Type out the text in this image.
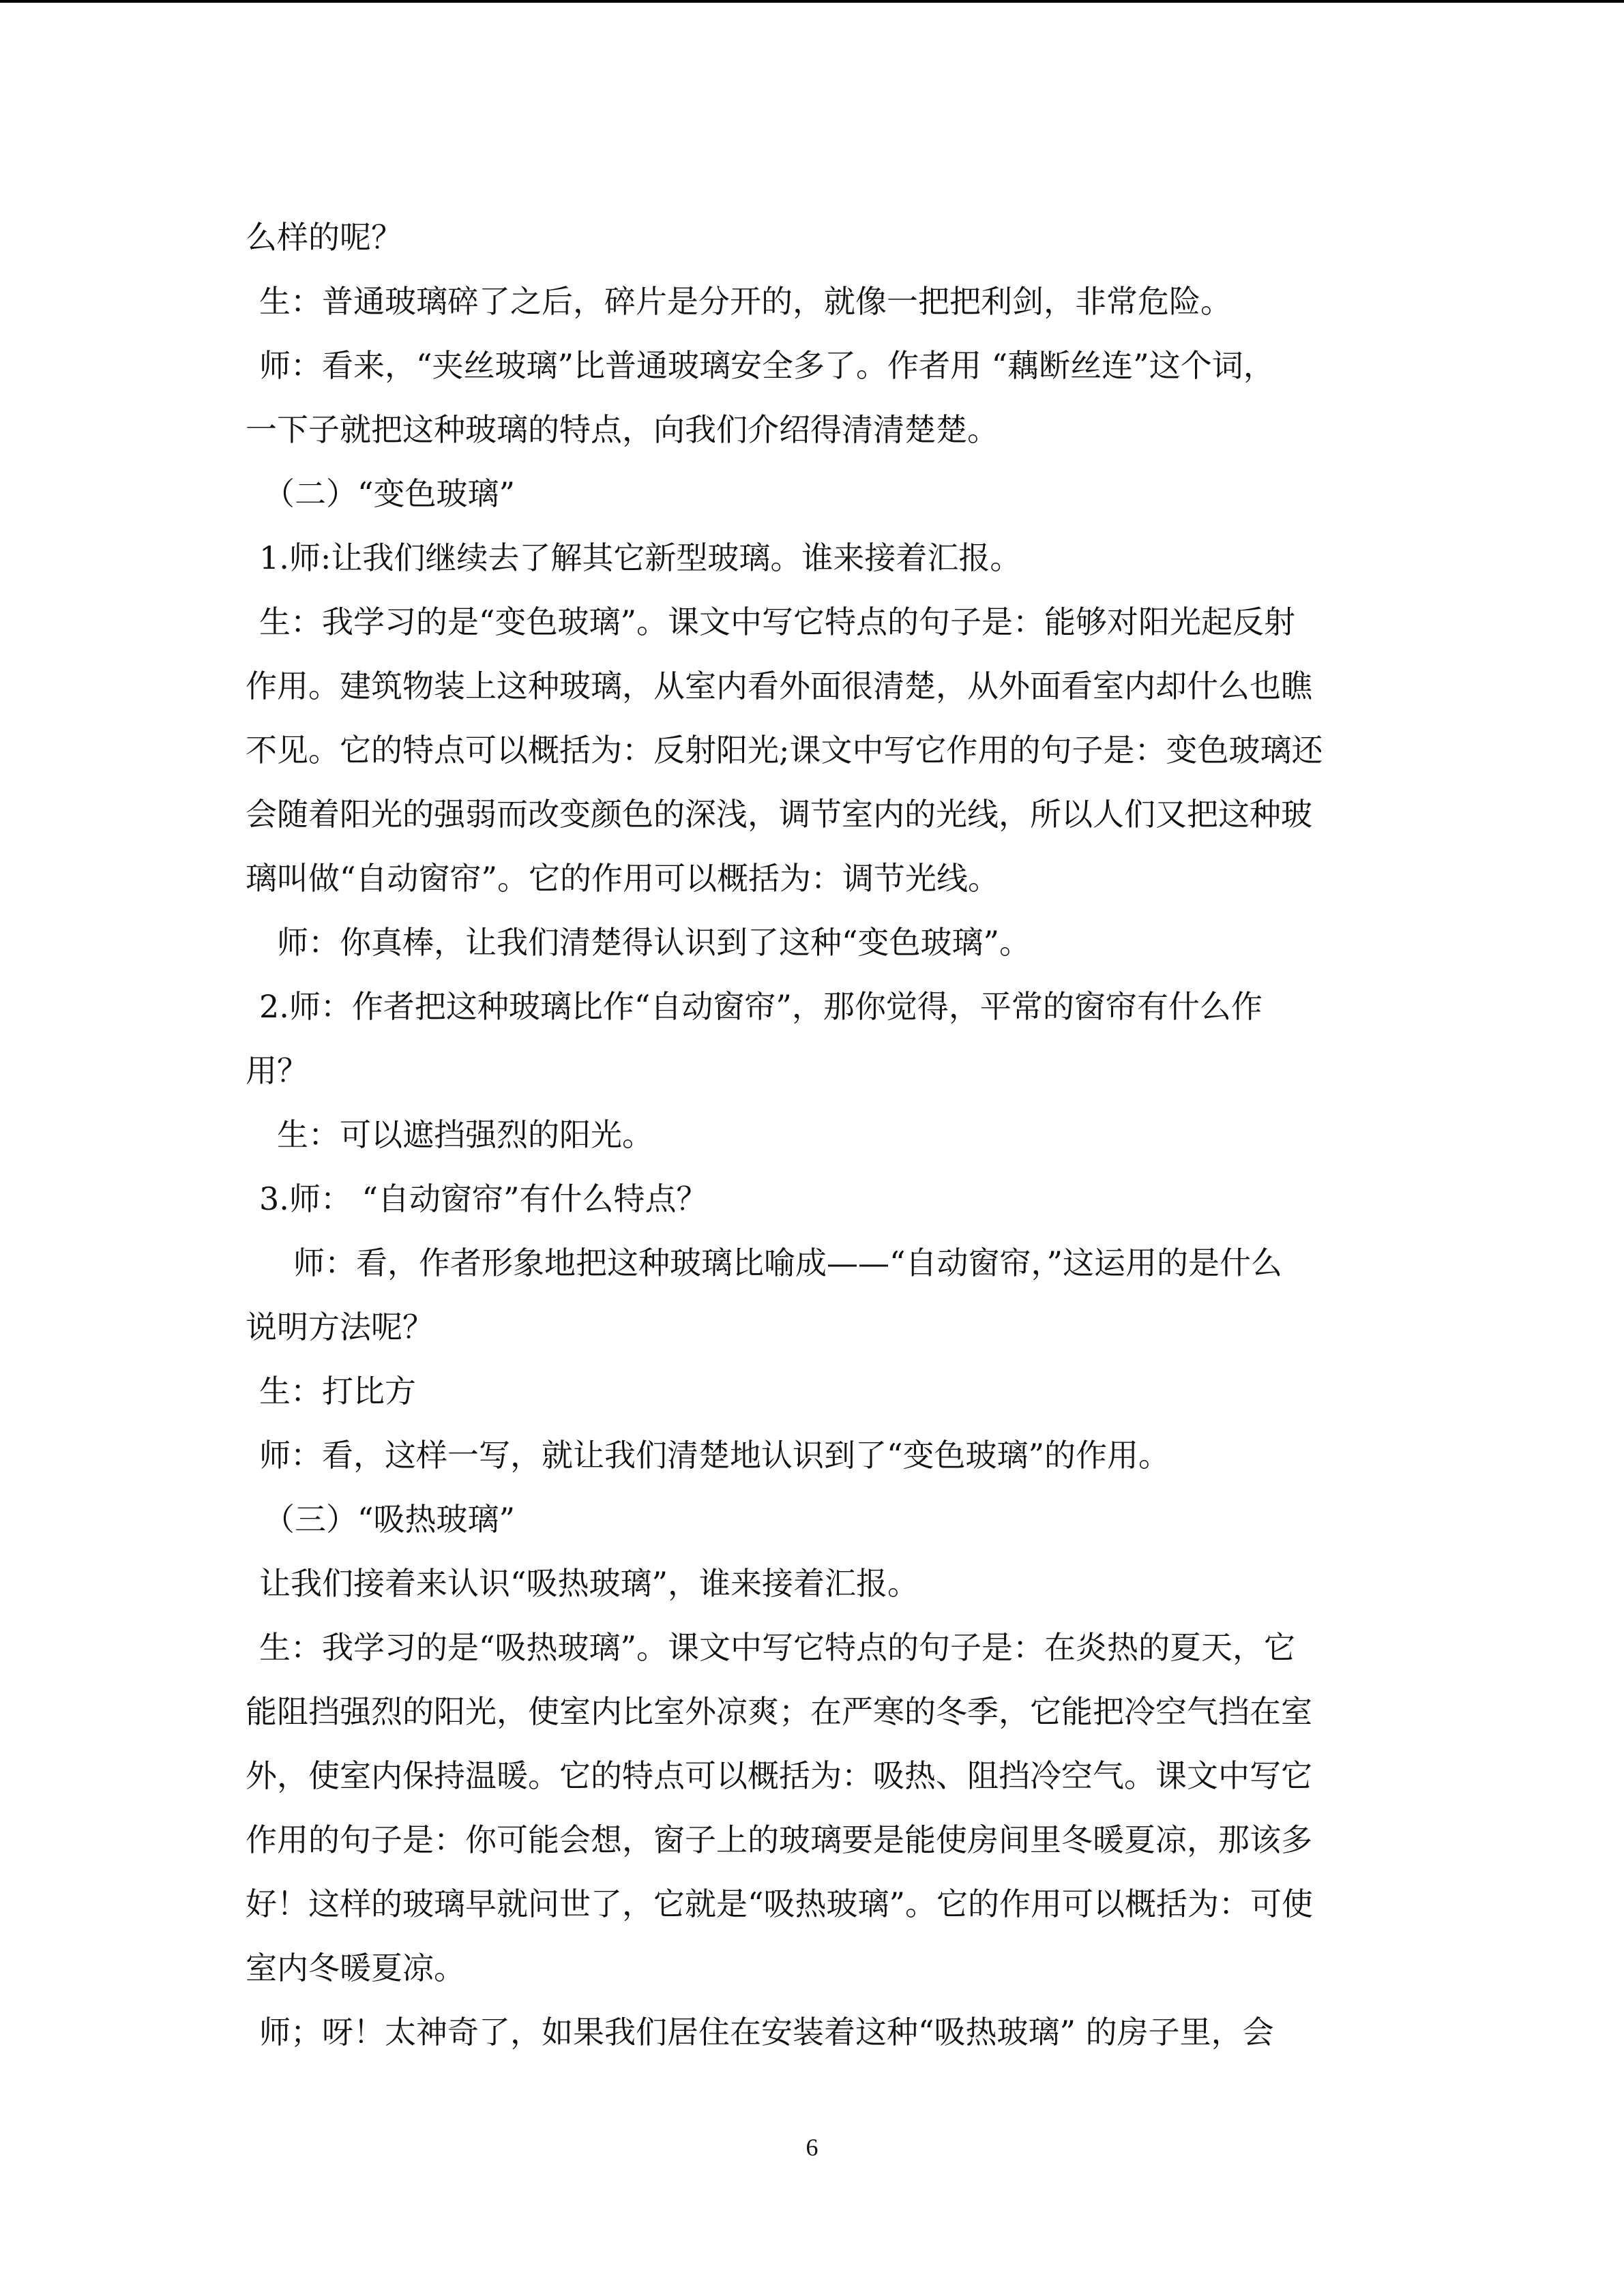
么样的呢？
生：普通玻璃碎了之后，碎片是分开的，就像一把把利剑，非常危险。
师：看来，“夹丝玻璃”比普通玻璃安全多了。作者用 “藕断丝连”这个词，
一下子就把这种玻璃的特点，向我们介绍得清清楚楚。
（二）“变色玻璃”
1.师:让我们继续去了解其它新型玻璃。谁来接着汇报。
生：我学习的是“变色玻璃”。课文中写它特点的句子是：能够对阳光起反射
作用。建筑物装上这种玻璃，从室内看外面很清楚，从外面看室内却什么也瞧
不见。它的特点可以概括为：反射阳光;课文中写它作用的句子是：变色玻璃还
会随着阳光的强弱而改变颜色的深浅，调节室内的光线，所以人们又把这种玻
璃叫做“自动窗帘”。它的作用可以概括为：调节光线。
师：你真棒，让我们清楚得认识到了这种“变色玻璃”。
2.师：作者把这种玻璃比作“自动窗帘”，那你觉得，平常的窗帘有什么作
用？
生：可以遮挡强烈的阳光。
3.师： “自动窗帘”有什么特点？
师：看，作者形象地把这种玻璃比喻成——“自动窗帘，”这运用的是什么
说明方法呢？
生：打比方
师：看，这样一写，就让我们清楚地认识到了“变色玻璃”的作用。
（三）“吸热玻璃”
让我们接着来认识“吸热玻璃”，谁来接着汇报。
生：我学习的是“吸热玻璃”。课文中写它特点的句子是：在炎热的夏天，它
能阻挡强烈的阳光，使室内比室外凉爽；在严寒的冬季，它能把冷空气挡在室
外，使室内保持温暖。它的特点可以概括为：吸热、阻挡冷空气。课文中写它
作用的句子是：你可能会想，窗子上的玻璃要是能使房间里冬暖夏凉，那该多
好！这样的玻璃早就问世了，它就是“吸热玻璃”。它的作用可以概括为：可使
室内冬暖夏凉。
师；呀！太神奇了，如果我们居住在安装着这种“吸热玻璃” 的房子里，会
6
